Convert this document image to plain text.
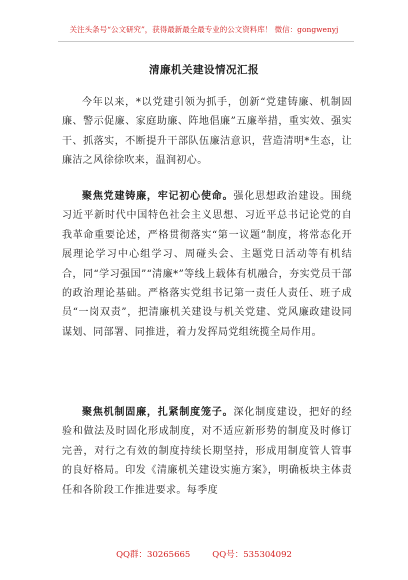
关注头条号“公文研究”，获得最新最全最专业的公文资料库！ 微信：gongwenyj
清廉机关建设情况汇报

今年以来，*以党建引领为抓手，创新“党建铸廉、机制固廉、警示促廉、家庭助廉、阵地倡廉”五廉举措，重实效、强实干、抓落实，不断提升干部队伍廉洁意识，营造清明*生态，让廉洁之风徐徐吹来，温润初心。

聚焦党建铸廉，牢记初心使命。强化思想政治建设。围绕习近平新时代中国特色社会主义思想、习近平总书记论党的自我革命重要论述，严格贯彻落实“第一议题”制度，将常态化开展理论学习中心组学习、周碰头会、主题党日活动等有机结合，同“学习强国”“清廉*”等线上载体有机融合，夯实党员干部的政治理论基础。严格落实党组书记第一责任人责任、班子成员“一岗双责”，把清廉机关建设与机关党建、党风廉政建设同谋划、同部署、同推进，着力发挥局党组统揽全局作用。

聚焦机制固廉，扎紧制度笼子。深化制度建设，把好的经验和做法及时固化形成制度，对不适应新形势的制度及时修订完善，对行之有效的制度持续长期坚持，形成用制度管人管事的良好格局。印发《清廉机关建设实施方案》，明确板块主体责任和各阶段工作推进要求。每季度

QQ群：30265665	QQ号：535304092
